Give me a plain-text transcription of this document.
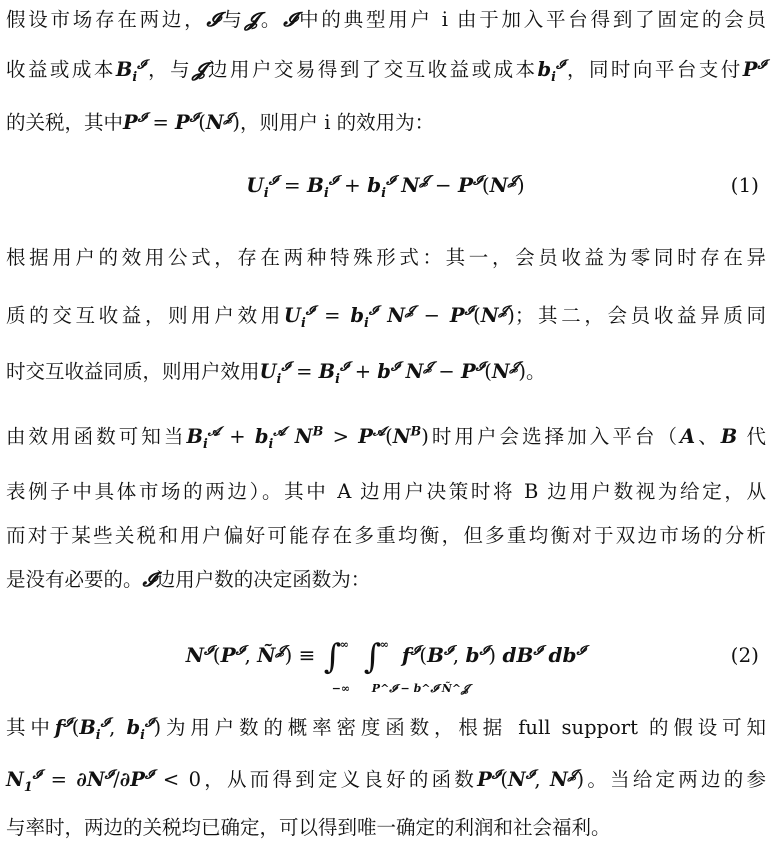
假设市场存在两边，𝓘与𝓙。𝓘中的典型用户 i 由于加入平台得到了固定的会员
收益或成本$B_i^𝓘$，与𝓙边用户交易得到了交互收益或成本$b_i^𝓘$，同时向平台支付$P^𝓘$
的关税，其中$P^𝓘 = P^𝓘(N^𝓙)$，则用户 i 的效用为：
$U_i^𝓘 = B_i^𝓘 + b_i^𝓘$ $N^𝓙 - P^𝓘(N^𝓙)$	(1)
根据用户的效用公式，存在两种特殊形式：其一，会员收益为零同时存在异
质的交互收益，则用户效用$U_i^𝓘 = b_i^𝓘$ $N^𝓙 - P^𝓘(N^𝓙)$；其二，会员收益异质同
时交互收益同质，则用户效用$U_i^𝓘 = B_i^𝓘 + b^𝓘$ $N^𝓙 - P^𝓘(N^𝓙)$。
由效用函数可知当$B_i^𝓐 + b_i^𝓐$ $N^B > P^𝓐(N^B)$时用户会选择加入平台（A、B 代
表例子中具体市场的两边）。其中 A 边用户决策时将 B 边用户数视为给定，从
而对于某些关税和用户偏好可能存在多重均衡，但多重均衡对于双边市场的分析
是没有必要的。𝓘边用户数的决定函数为：
$N^𝓘(P^𝓘$, $Ñ^𝓙$) ≡ ∫
∞
−∞
∫
∞
P^𝓘 − b^𝓘 Ñ^𝓙
$f^𝓘(B^𝓘$, $b^𝓘$) $dB^𝓘$ $db^𝓘$	(2)
其中$f^𝓘(B_i^𝓘$, $b_i^𝓘$)为用户数的概率密度函数，根据 full support 的假设可知
$N_1^𝓘 = \partial N^𝓘/\partial P^𝓘 < 0$，从而得到定义良好的函数$P^𝓘(N^𝓘$, $N^𝓙$)。当给定两边的参
与率时，两边的关税均已确定，可以得到唯一确定的利润和社会福利。
